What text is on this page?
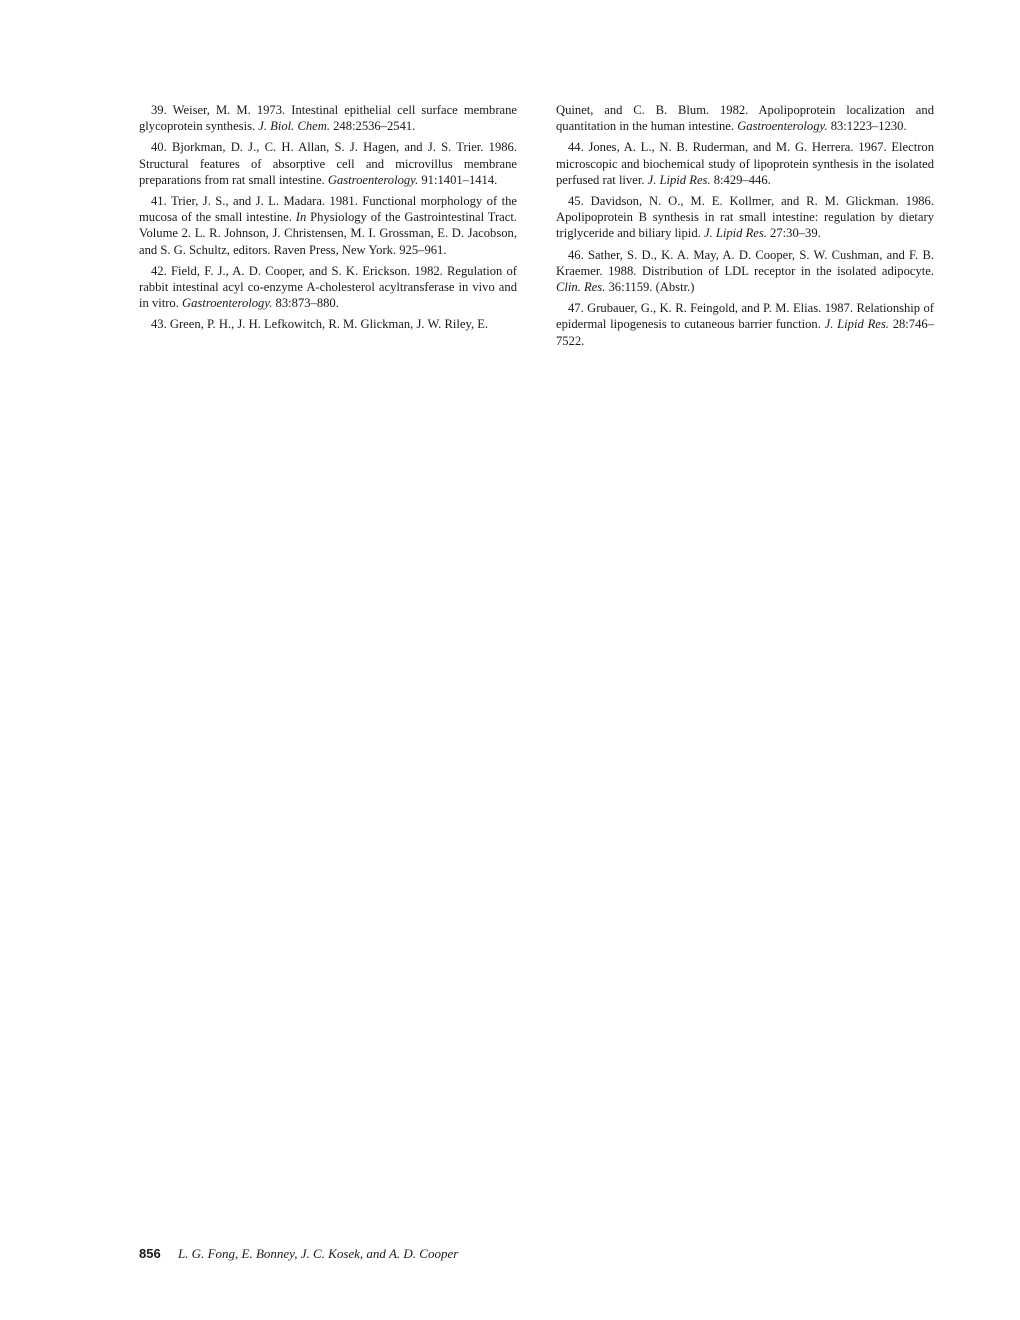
39. Weiser, M. M. 1973. Intestinal epithelial cell surface membrane glycoprotein synthesis. J. Biol. Chem. 248:2536–2541.

40. Bjorkman, D. J., C. H. Allan, S. J. Hagen, and J. S. Trier. 1986. Structural features of absorptive cell and microvillus membrane preparations from rat small intestine. Gastroenterology. 91:1401–1414.

41. Trier, J. S., and J. L. Madara. 1981. Functional morphology of the mucosa of the small intestine. In Physiology of the Gastrointestinal Tract. Volume 2. L. R. Johnson, J. Christensen, M. I. Grossman, E. D. Jacobson, and S. G. Schultz, editors. Raven Press, New York. 925–961.

42. Field, F. J., A. D. Cooper, and S. K. Erickson. 1982. Regulation of rabbit intestinal acyl co-enzyme A-cholesterol acyltransferase in vivo and in vitro. Gastroenterology. 83:873–880.

43. Green, P. H., J. H. Lefkowitch, R. M. Glickman, J. W. Riley, E.

Quinet, and C. B. Blum. 1982. Apolipoprotein localization and quantitation in the human intestine. Gastroenterology. 83:1223–1230.

44. Jones, A. L., N. B. Ruderman, and M. G. Herrera. 1967. Electron microscopic and biochemical study of lipoprotein synthesis in the isolated perfused rat liver. J. Lipid Res. 8:429–446.

45. Davidson, N. O., M. E. Kollmer, and R. M. Glickman. 1986. Apolipoprotein B synthesis in rat small intestine: regulation by dietary triglyceride and biliary lipid. J. Lipid Res. 27:30–39.

46. Sather, S. D., K. A. May, A. D. Cooper, S. W. Cushman, and F. B. Kraemer. 1988. Distribution of LDL receptor in the isolated adipocyte. Clin. Res. 36:1159. (Abstr.)

47. Grubauer, G., K. R. Feingold, and P. M. Elias. 1987. Relationship of epidermal lipogenesis to cutaneous barrier function. J. Lipid Res. 28:746–7522.

856 L. G. Fong, E. Bonney, J. C. Kosek, and A. D. Cooper
